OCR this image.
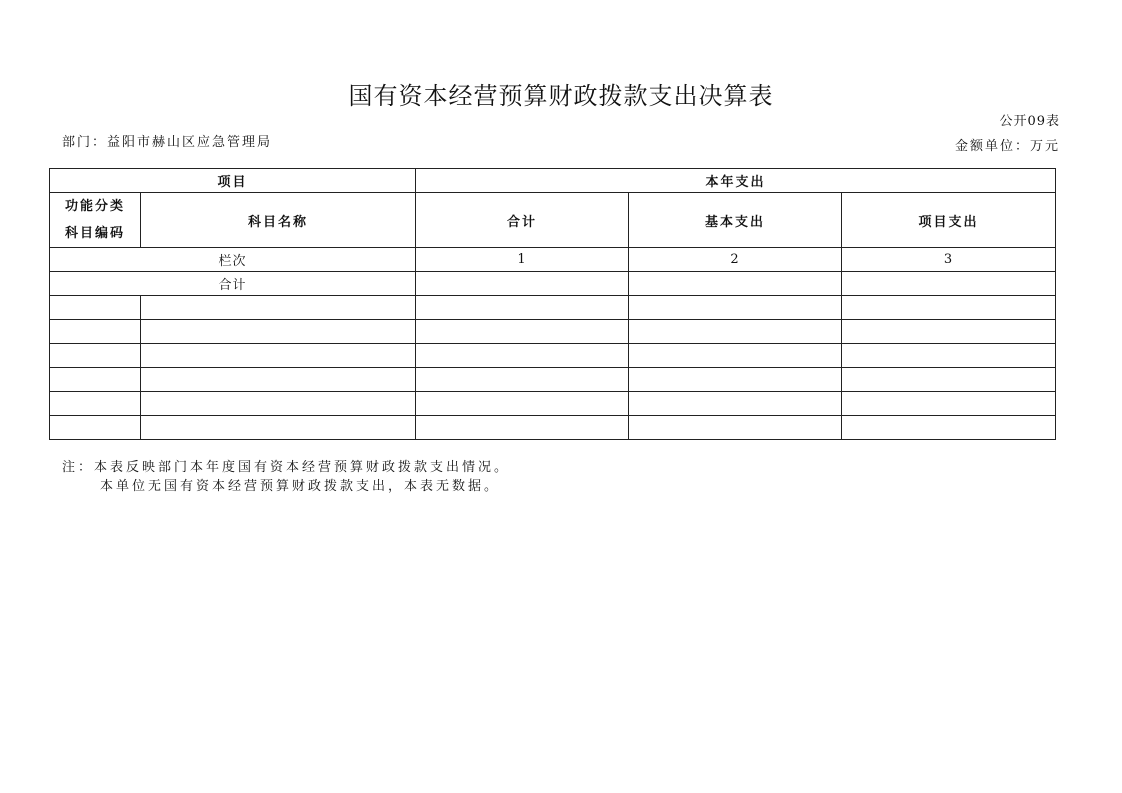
国有资本经营预算财政拨款支出决算表
公开09表
部门：益阳市赫山区应急管理局	金额单位：万元
项目		本年支出		

功能分类
科目编码	科目名称	合计	基本支出	项目支出
栏次		1	2	3
合计				

注：本表反映部门本年度国有资本经营预算财政拨款支出情况。
本单位无国有资本经营预算财政拨款支出，本表无数据。
